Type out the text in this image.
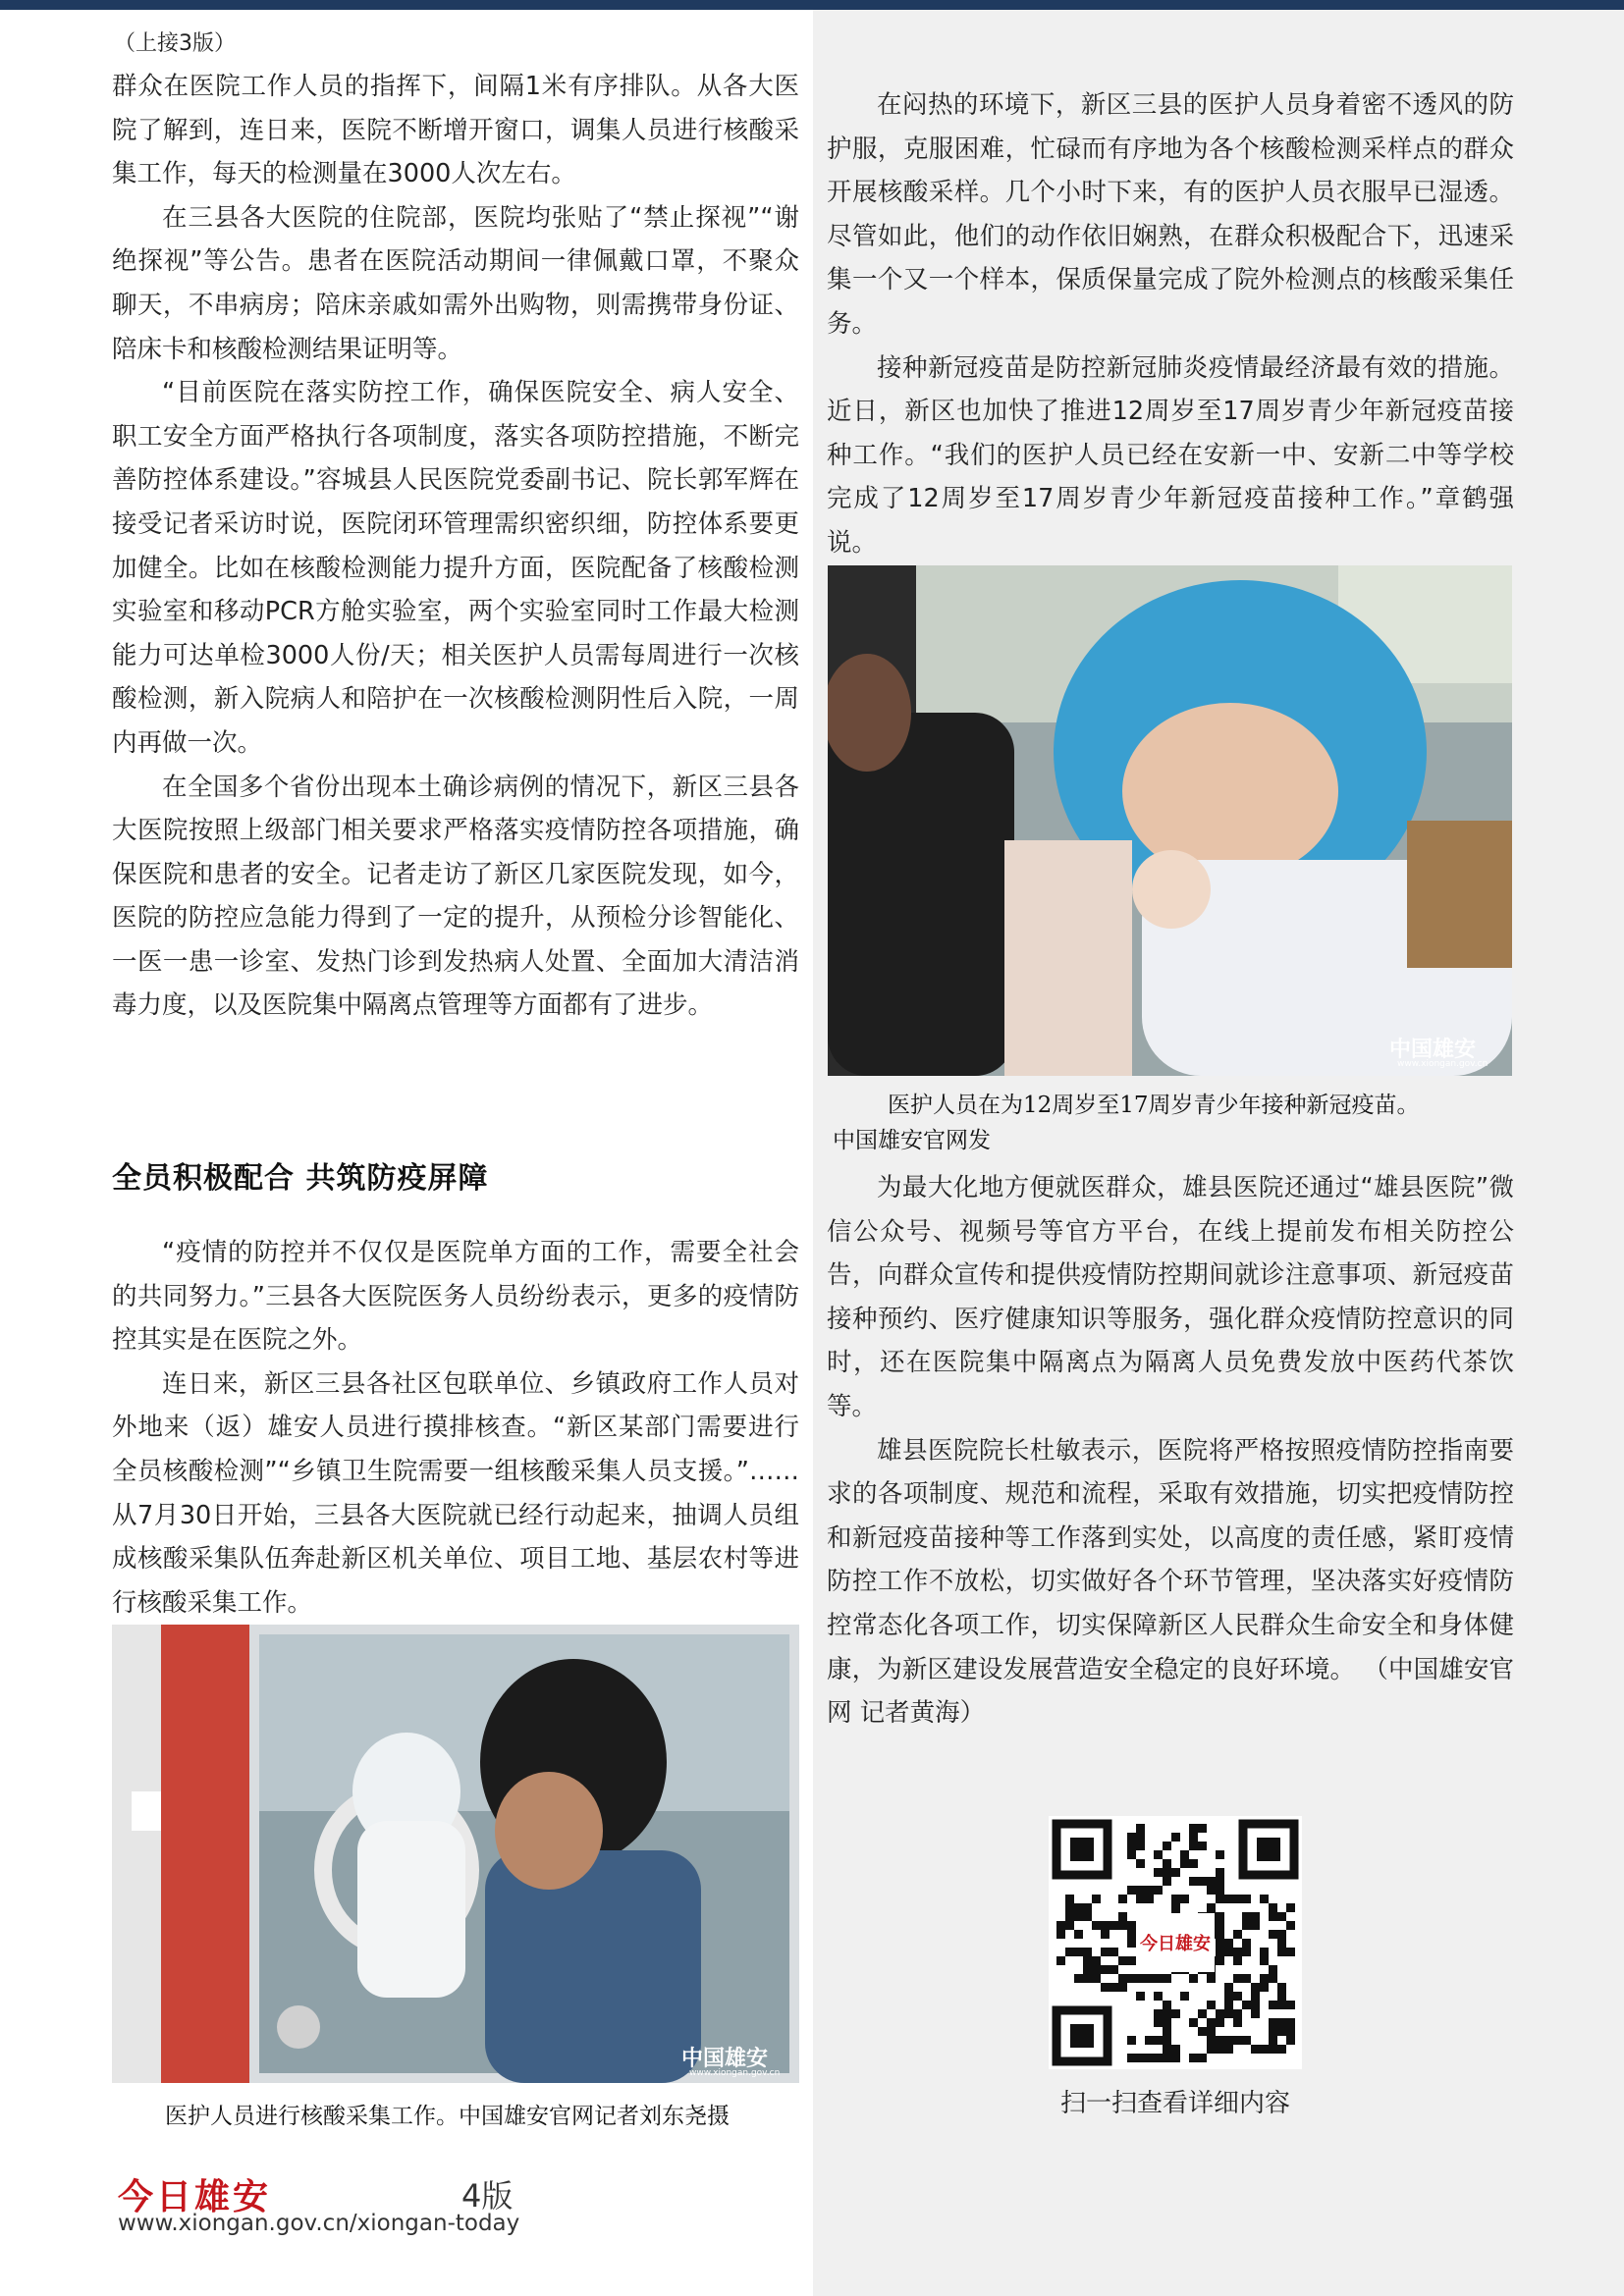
（上接3版）

群众在医院工作人员的指挥下，间隔1米有序排队。从各大医院了解到，连日来，医院不断增开窗口，调集人员进行核酸采集工作，每天的检测量在3000人次左右。

在三县各大医院的住院部，医院均张贴了“禁止探视”“谢绝探视”等公告。患者在医院活动期间一律佩戴口罩，不聚众聊天，不串病房；陪床亲戚如需外出购物，则需携带身份证、陪床卡和核酸检测结果证明等。

“目前医院在落实防控工作，确保医院安全、病人安全、职工安全方面严格执行各项制度，落实各项防控措施，不断完善防控体系建设。”容城县人民医院党委副书记、院长郭军辉在接受记者采访时说，医院闭环管理需织密织细，防控体系要更加健全。比如在核酸检测能力提升方面，医院配备了核酸检测实验室和移动PCR方舱实验室，两个实验室同时工作最大检测能力可达单检3000人份/天；相关医护人员需每周进行一次核酸检测，新入院病人和陪护在一次核酸检测阴性后入院，一周内再做一次。

在全国多个省份出现本土确诊病例的情况下，新区三县各大医院按照上级部门相关要求严格落实疫情防控各项措施，确保医院和患者的安全。记者走访了新区几家医院发现，如今，医院的防控应急能力得到了一定的提升，从预检分诊智能化、一医一患一诊室、发热门诊到发热病人处置、全面加大清洁消毒力度，以及医院集中隔离点管理等方面都有了进步。

全员积极配合 共筑防疫屏障

“疫情的防控并不仅仅是医院单方面的工作，需要全社会的共同努力。”三县各大医院医务人员纷纷表示，更多的疫情防控其实是在医院之外。

连日来，新区三县各社区包联单位、乡镇政府工作人员对外地来（返）雄安人员进行摸排核查。“新区某部门需要进行全员核酸检测”“乡镇卫生院需要一组核酸采集人员支援。”……从7月30日开始，三县各大医院就已经行动起来，抽调人员组成核酸采集队伍奔赴新区机关单位、项目工地、基层农村等进行核酸采集工作。

中国雄安
www.xiongan.gov.cn
医护人员进行核酸采集工作。中国雄安官网记者刘东尧摄

在闷热的环境下，新区三县的医护人员身着密不透风的防护服，克服困难，忙碌而有序地为各个核酸检测采样点的群众开展核酸采样。几个小时下来，有的医护人员衣服早已湿透。尽管如此，他们的动作依旧娴熟，在群众积极配合下，迅速采集一个又一个样本，保质保量完成了院外检测点的核酸采集任务。

接种新冠疫苗是防控新冠肺炎疫情最经济最有效的措施。近日，新区也加快了推进12周岁至17周岁青少年新冠疫苗接种工作。“我们的医护人员已经在安新一中、安新二中等学校完成了12周岁至17周岁青少年新冠疫苗接种工作。”章鹤强说。

中国雄安
www.xiongan.gov.cn
医护人员在为12周岁至17周岁青少年接种新冠疫苗。
中国雄安官网发

为最大化地方便就医群众，雄县医院还通过“雄县医院”微信公众号、视频号等官方平台，在线上提前发布相关防控公告，向群众宣传和提供疫情防控期间就诊注意事项、新冠疫苗接种预约、医疗健康知识等服务，强化群众疫情防控意识的同时，还在医院集中隔离点为隔离人员免费发放中医药代茶饮等。

雄县医院院长杜敏表示，医院将严格按照疫情防控指南要求的各项制度、规范和流程，采取有效措施，切实把疫情防控和新冠疫苗接种等工作落到实处，以高度的责任感，紧盯疫情防控工作不放松，切实做好各个环节管理，坚决落实好疫情防控常态化各项工作，切实保障新区人民群众生命安全和身体健康，为新区建设发展营造安全稳定的良好环境。 （中国雄安官网 记者黄海）

今日雄安
扫一扫查看详细内容
今日雄安	4版
www.xiongan.gov.cn/xiongan-today
